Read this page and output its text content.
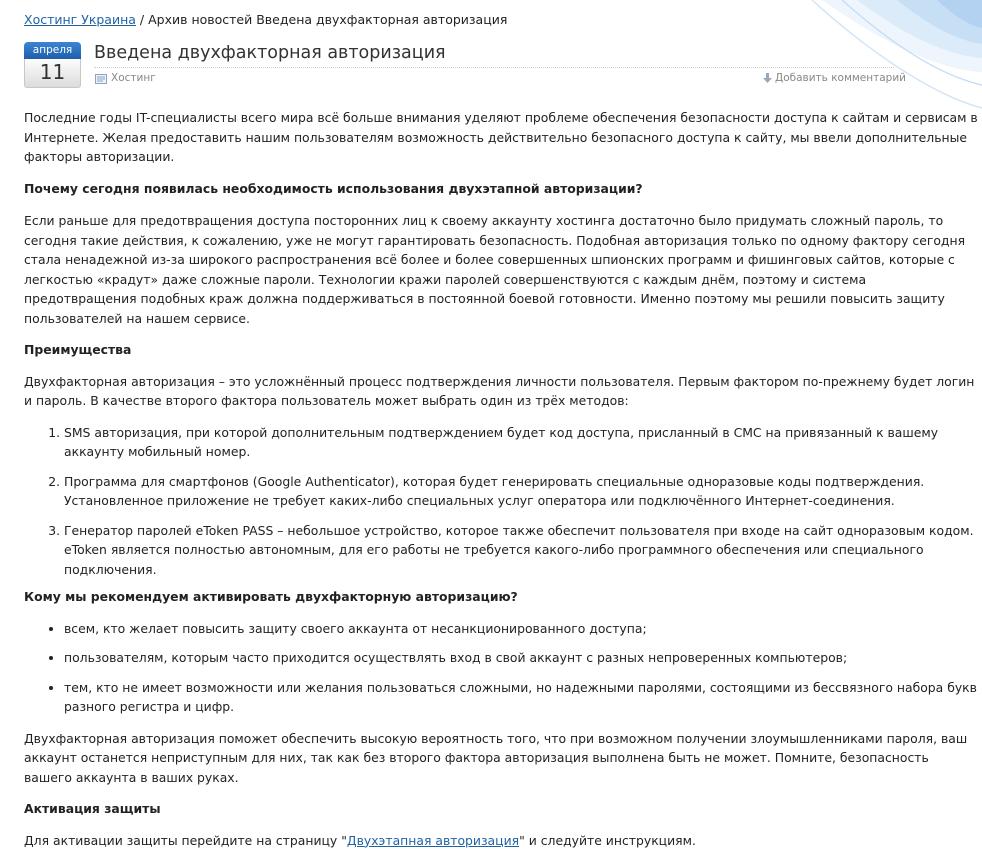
Хостинг Украина / Архив новостей Введена двухфакторная авторизация
апреля
11
Введена двухфакторная авторизация
Хостинг	Добавить комментарий

Последние годы IT-специалисты всего мира всё больше внимания уделяют проблеме обеспечения безопасности доступа к сайтам и сервисам в Интернете. Желая предоставить нашим пользователям возможность действительно безопасного доступа к сайту, мы ввели дополнительные факторы авторизации.

Почему сегодня появилась необходимость использования двухэтапной авторизации?

Если раньше для предотвращения доступа посторонних лиц к своему аккаунту хостинга достаточно было придумать сложный пароль, то сегодня такие действия, к сожалению, уже не могут гарантировать безопасность. Подобная авторизация только по одному фактору сегодня стала ненадежной из-за широкого распространения всё более и более совершенных шпионских программ и фишинговых сайтов, которые с легкостью «крадут» даже сложные пароли. Технологии кражи паролей совершенствуются с каждым днём, поэтому и система предотвращения подобных краж должна поддерживаться в постоянной боевой готовности. Именно поэтому мы решили повысить защиту пользователей на нашем сервисе.

Преимущества

Двухфакторная авторизация – это усложнённый процесс подтверждения личности пользователя. Первым фактором по-прежнему будет логин и пароль. В качестве второго фактора пользователь может выбрать один из трёх методов:

1. SMS авторизация, при которой дополнительным подтверждением будет код доступа, присланный в СМС на привязанный к вашему аккаунту мобильный номер.
2. Программа для смартфонов (Google Authenticator), которая будет генерировать специальные одноразовые коды подтверждения. Установленное приложение не требует каких-либо специальных услуг оператора или подключённого Интернет-соединения.
3. Генератор паролей eToken PASS – небольшое устройство, которое также обеспечит пользователя при входе на сайт одноразовым кодом. eToken является полностью автономным, для его работы не требуется какого-либо программного обеспечения или специального подключения.
Кому мы рекомендуем активировать двухфакторную авторизацию?
• всем, кто желает повысить защиту своего аккаунта от несанкционированного доступа;
• пользователям, которым часто приходится осуществлять вход в свой аккаунт с разных непроверенных компьютеров;
• тем, кто не имеет возможности или желания пользоваться сложными, но надежными паролями, состоящими из бессвязного набора букв разного регистра и цифр.

Двухфакторная авторизация поможет обеспечить высокую вероятность того, что при возможном получении злоумышленниками пароля, ваш аккаунт останется неприступным для них, так как без второго фактора авторизация выполнена быть не может. Помните, безопасность вашего аккаунта в ваших руках.

Активация защиты

Для активации защиты перейдите на страницу "Двухэтапная авторизация" и следуйте инструкциям.
